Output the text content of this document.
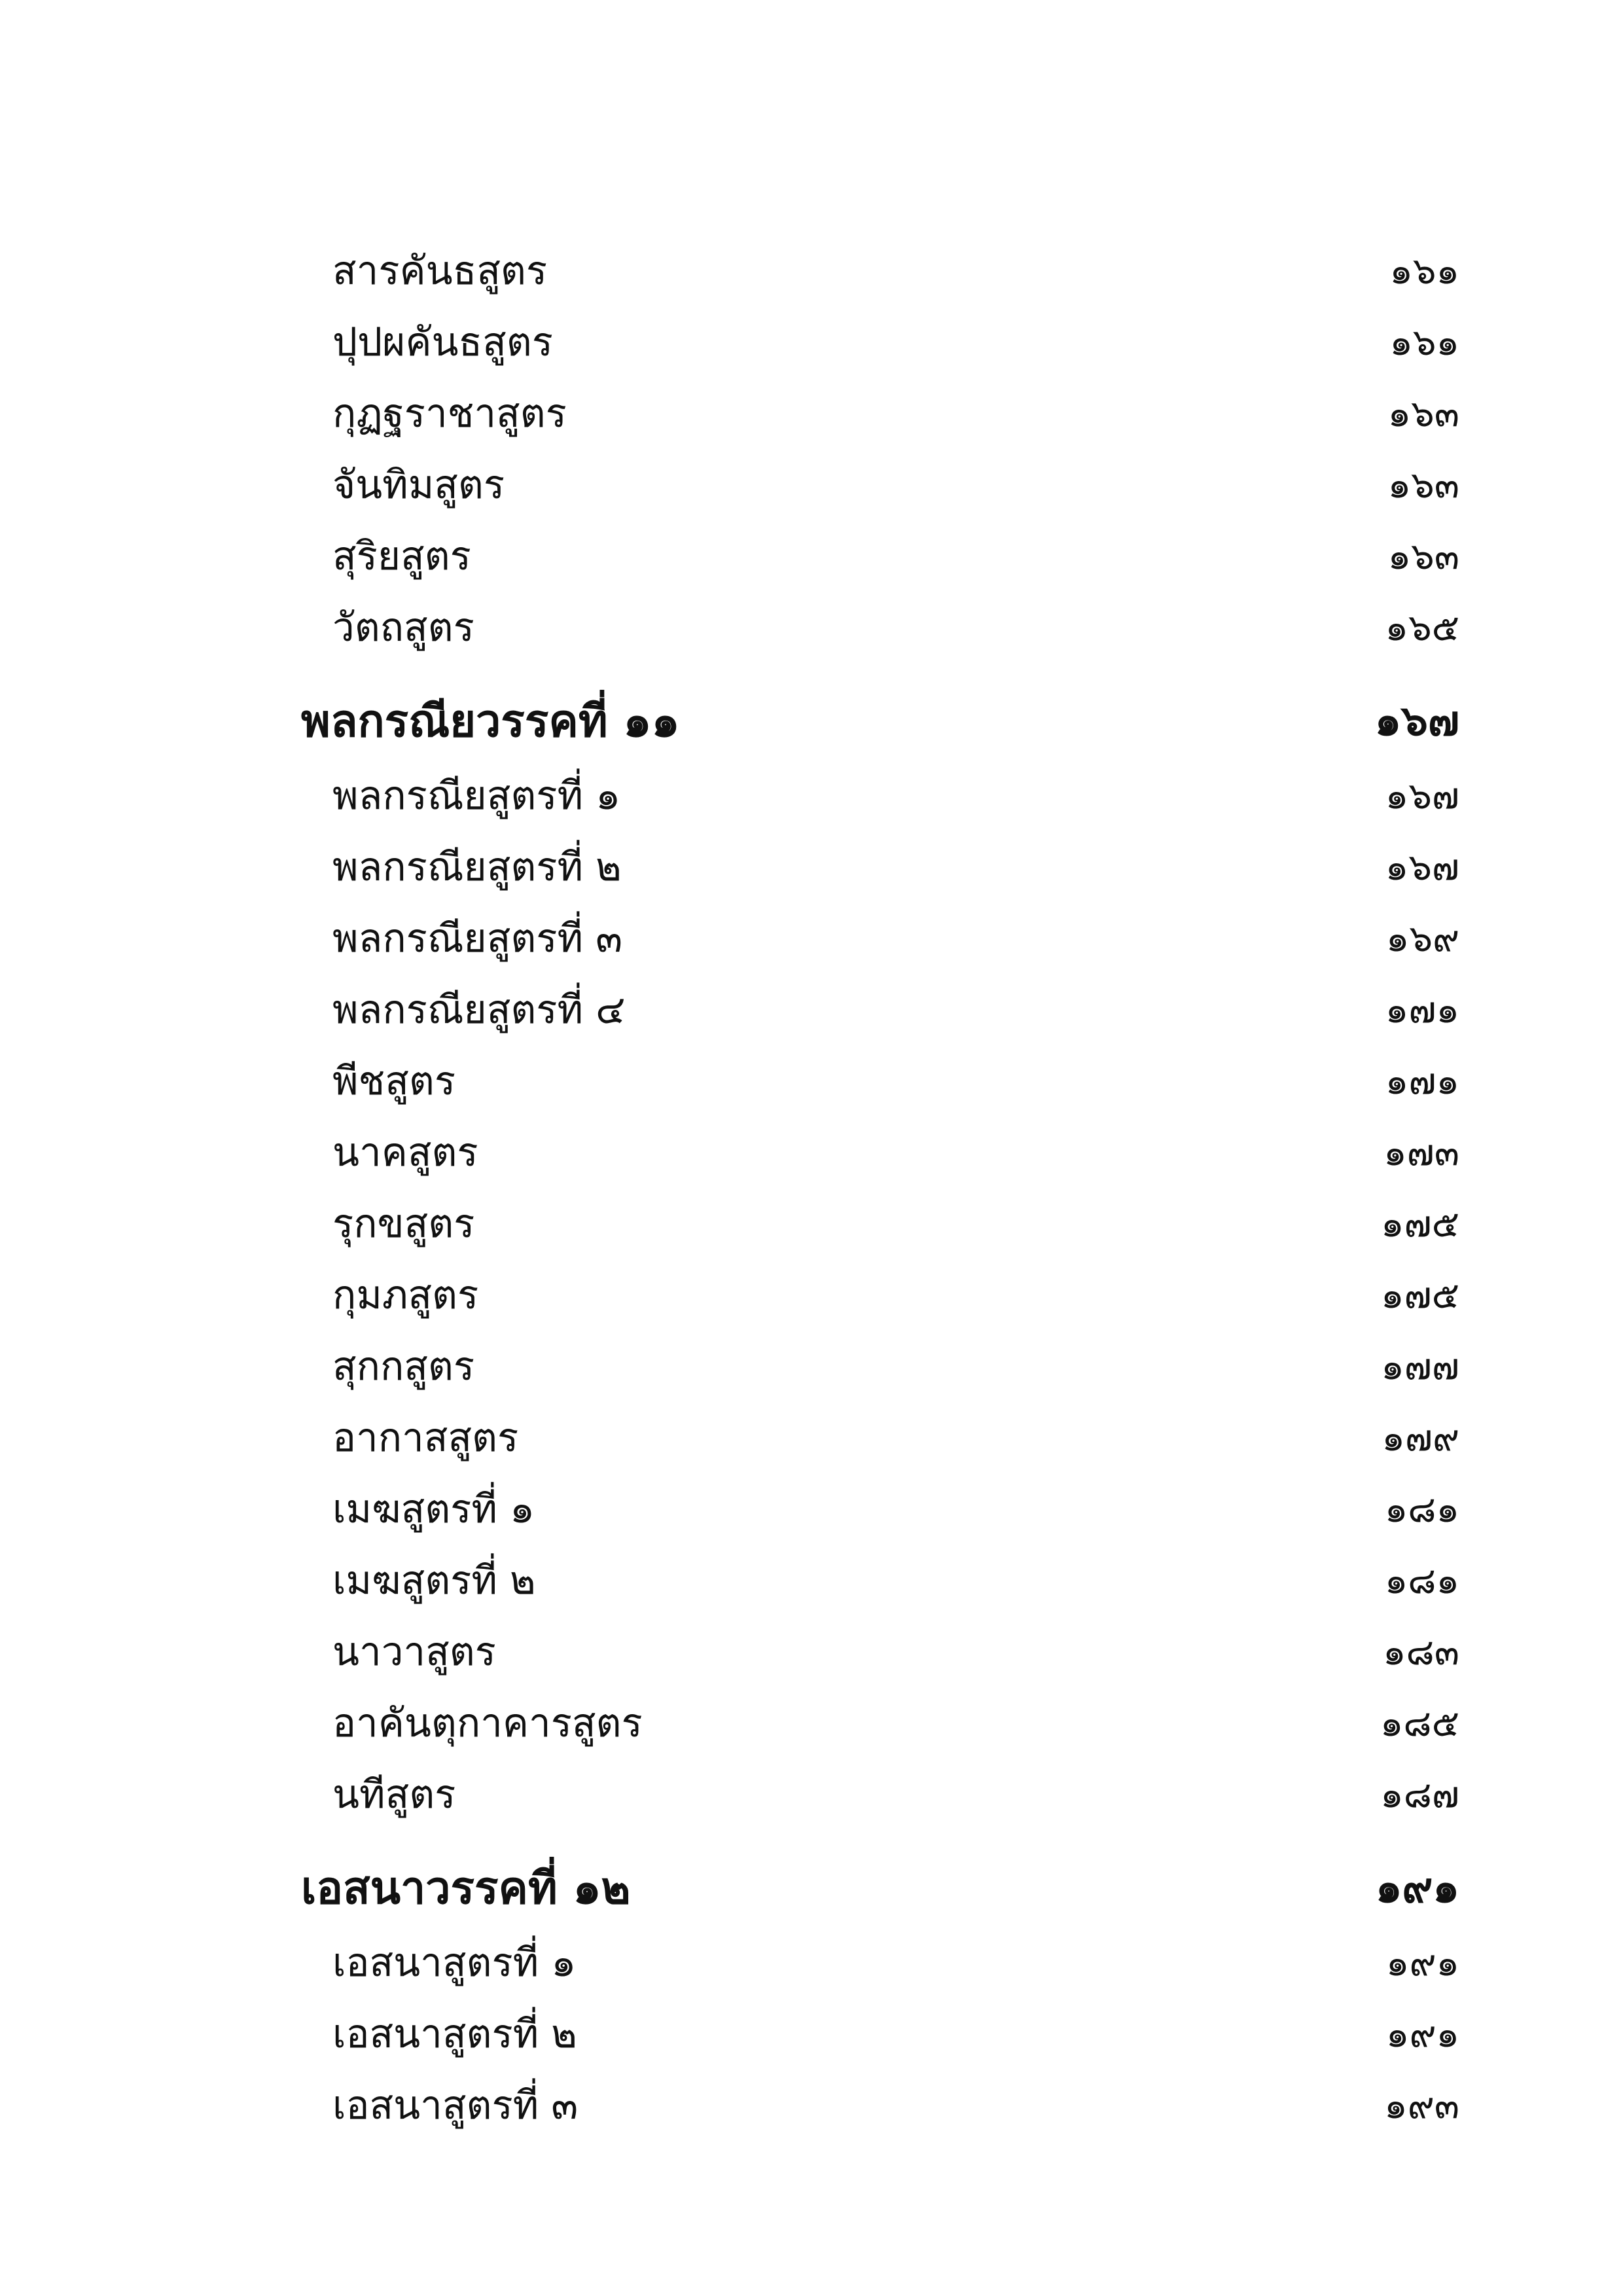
สารคันธสูตร	๑๖๑
ปุปผคันธสูตร	๑๖๑
กุฏฐราชาสูตร	๑๖๓
จันทิมสูตร	๑๖๓
สุริยสูตร	๑๖๓
วัตถสูตร	๑๖๕
พลกรณียวรรคที่ ๑๑	๑๖๗
พลกรณียสูตรที่ ๑	๑๖๗
พลกรณียสูตรที่ ๒	๑๖๗
พลกรณียสูตรที่ ๓	๑๖๙
พลกรณียสูตรที่ ๔	๑๗๑
พีชสูตร	๑๗๑
นาคสูตร	๑๗๓
รุกขสูตร	๑๗๕
กุมภสูตร	๑๗๕
สุกกสูตร	๑๗๗
อากาสสูตร	๑๗๙
เมฆสูตรที่ ๑	๑๘๑
เมฆสูตรที่ ๒	๑๘๑
นาวาสูตร	๑๘๓
อาคันตุกาคารสูตร	๑๘๕
นทีสูตร	๑๘๗
เอสนาวรรคที่ ๑๒	๑๙๑
เอสนาสูตรที่ ๑	๑๙๑
เอสนาสูตรที่ ๒	๑๙๑
เอสนาสูตรที่ ๓	๑๙๓
